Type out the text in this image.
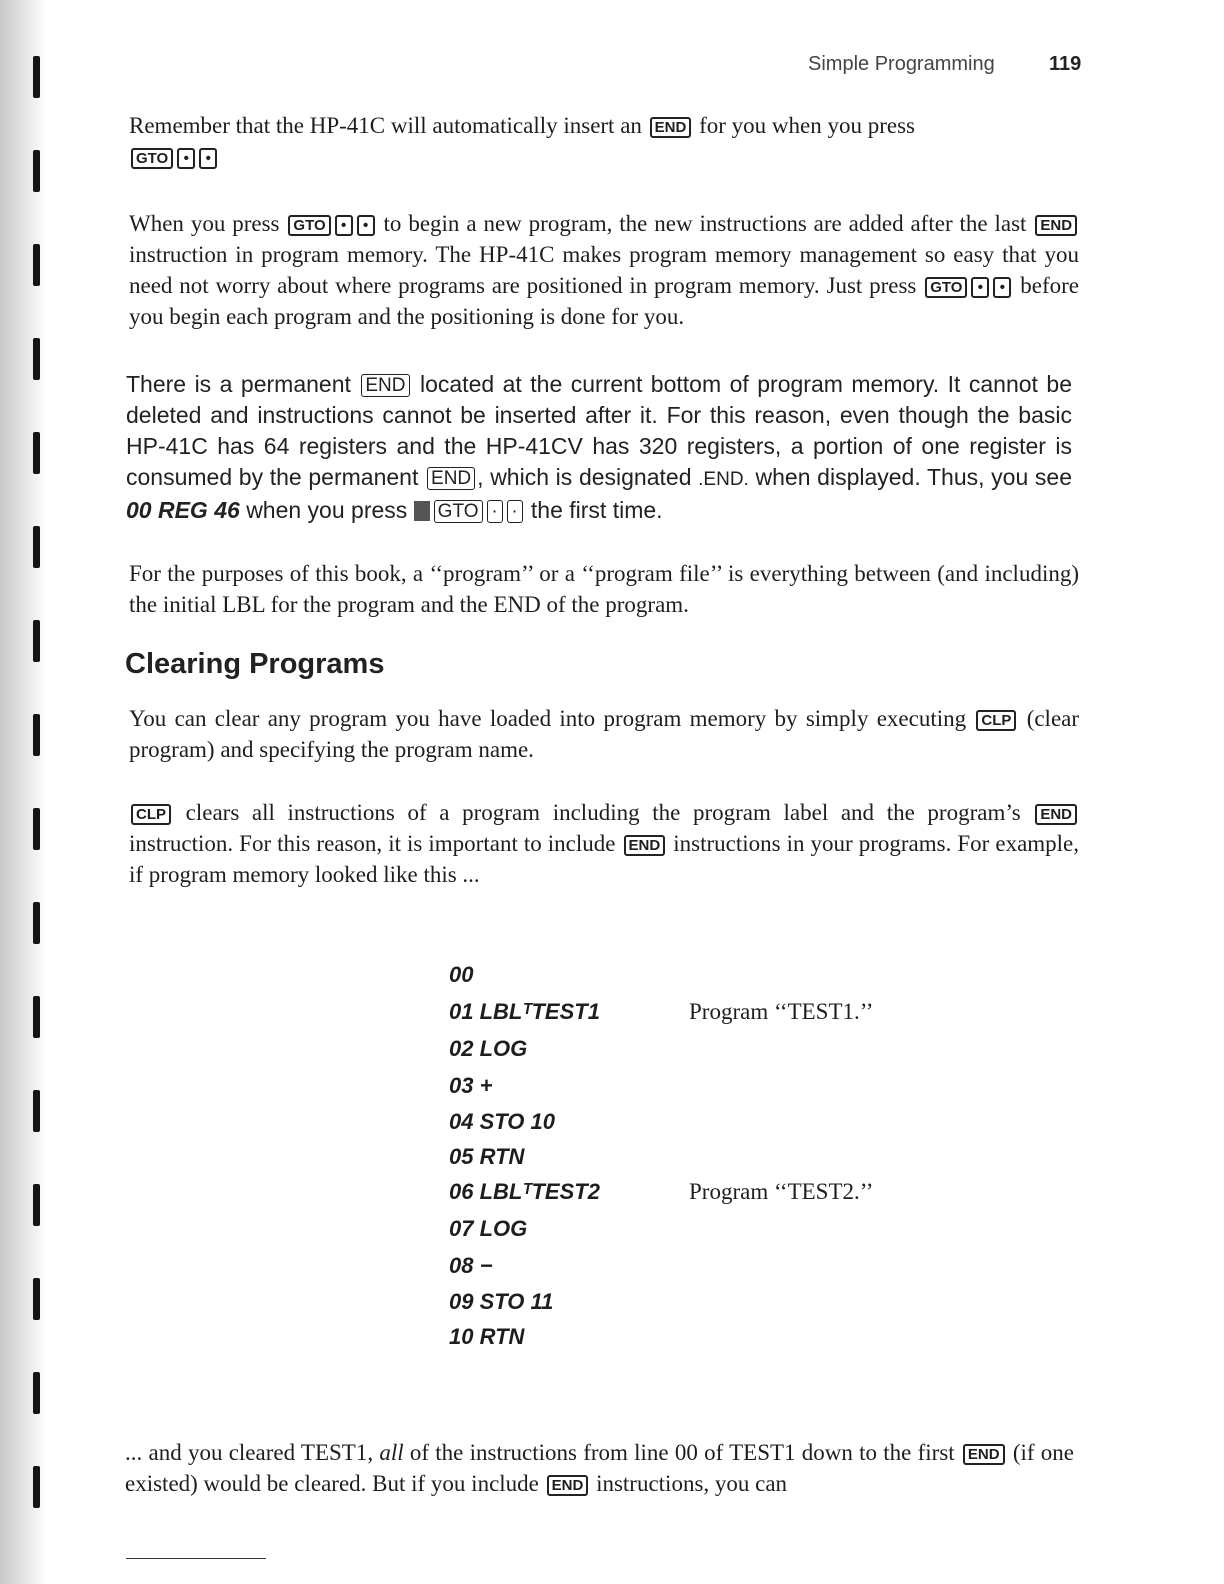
Simple Programming	119

Remember that the HP-41C will automatically insert an END for you when you press
GTO • •

When you press GTO • • to begin a new program, the new instructions are added after the last END instruction in program memory. The HP-41C makes program memory management so easy that you need not worry about where programs are positioned in program memory. Just press GTO • • before you begin each program and the positioning is done for you.

There is a permanent END located at the current bottom of program memory. It cannot be deleted and instructions cannot be inserted after it. For this reason, even though the basic HP-41C has 64 registers and the HP-41CV has 320 registers, a portion of one register is consumed by the permanent END , which is designated .END. when displayed. Thus, you see 00 REG 46 when you press GTO · · the first time.

For the purposes of this book, a ‘‘program’’ or a ‘‘program file’’ is everything between (and including) the initial LBL for the program and the END of the program.

Clearing Programs

You can clear any program you have loaded into program memory by simply executing CLP (clear program) and specifying the program name.

CLP clears all instructions of a program including the program label and the program’s END instruction. For this reason, it is important to include END instructions in your programs. For example, if program memory looked like this ...

00
01 LBLᵀTEST1	Program ‘‘TEST1.’’
02 LOG
03 +
04 STO 10
05 RTN
06 LBLᵀTEST2	Program ‘‘TEST2.’’
07 LOG
08 −
09 STO 11
10 RTN

... and you cleared TEST1, all of the instructions from line 00 of TEST1 down to the first END (if one existed) would be cleared. But if you include END instructions, you can
